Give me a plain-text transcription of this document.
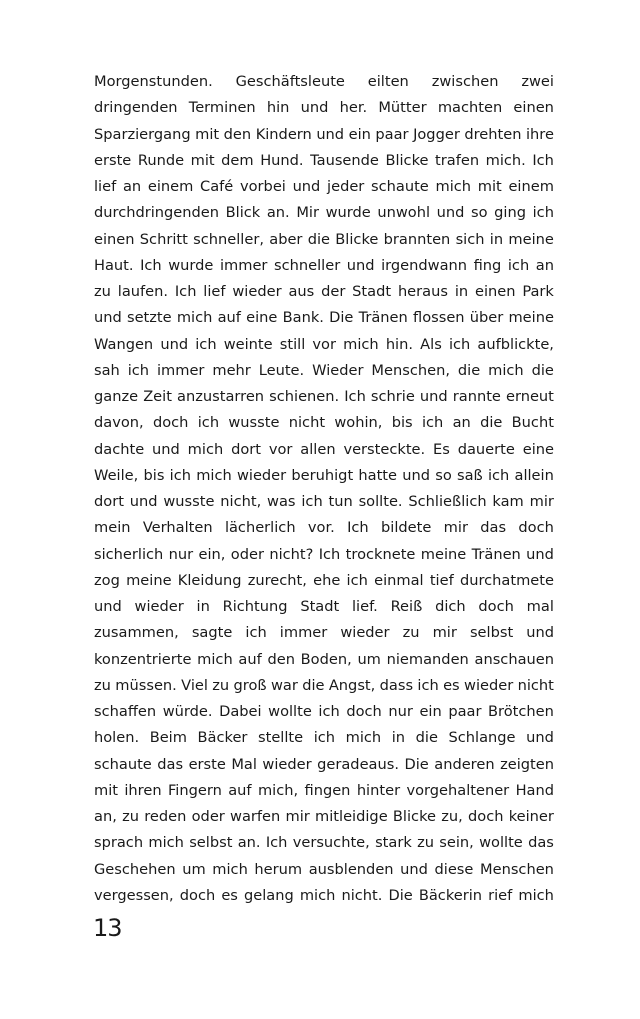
Morgenstunden. Geschäftsleute eilten zwischen zwei
dringenden Terminen hin und her. Mütter machten einen
Sparziergang mit den Kindern und ein paar Jogger drehten ihre
erste Runde mit dem Hund. Tausende Blicke trafen mich. Ich
lief an einem Café vorbei und jeder schaute mich mit einem
durchdringenden Blick an. Mir wurde unwohl und so ging ich
einen Schritt schneller, aber die Blicke brannten sich in meine
Haut. Ich wurde immer schneller und irgendwann fing ich an
zu laufen. Ich lief wieder aus der Stadt heraus in einen Park
und setzte mich auf eine Bank. Die Tränen flossen über meine
Wangen und ich weinte still vor mich hin. Als ich aufblickte,
sah ich immer mehr Leute. Wieder Menschen, die mich die
ganze Zeit anzustarren schienen. Ich schrie und rannte erneut
davon, doch ich wusste nicht wohin, bis ich an die Bucht
dachte und mich dort vor allen versteckte. Es dauerte eine
Weile, bis ich mich wieder beruhigt hatte und so saß ich allein
dort und wusste nicht, was ich tun sollte. Schließlich kam mir
mein Verhalten lächerlich vor. Ich bildete mir das doch
sicherlich nur ein, oder nicht? Ich trocknete meine Tränen und
zog meine Kleidung zurecht, ehe ich einmal tief durchatmete
und wieder in Richtung Stadt lief. Reiß dich doch mal
zusammen, sagte ich immer wieder zu mir selbst und
konzentrierte mich auf den Boden, um niemanden anschauen
zu müssen. Viel zu groß war die Angst, dass ich es wieder nicht
schaffen würde. Dabei wollte ich doch nur ein paar Brötchen
holen. Beim Bäcker stellte ich mich in die Schlange und
schaute das erste Mal wieder geradeaus. Die anderen zeigten
mit ihren Fingern auf mich, fingen hinter vorgehaltener Hand
an, zu reden oder warfen mir mitleidige Blicke zu, doch keiner
sprach mich selbst an. Ich versuchte, stark zu sein, wollte das
Geschehen um mich herum ausblenden und diese Menschen
vergessen, doch es gelang mich nicht. Die Bäckerin rief mich
13
